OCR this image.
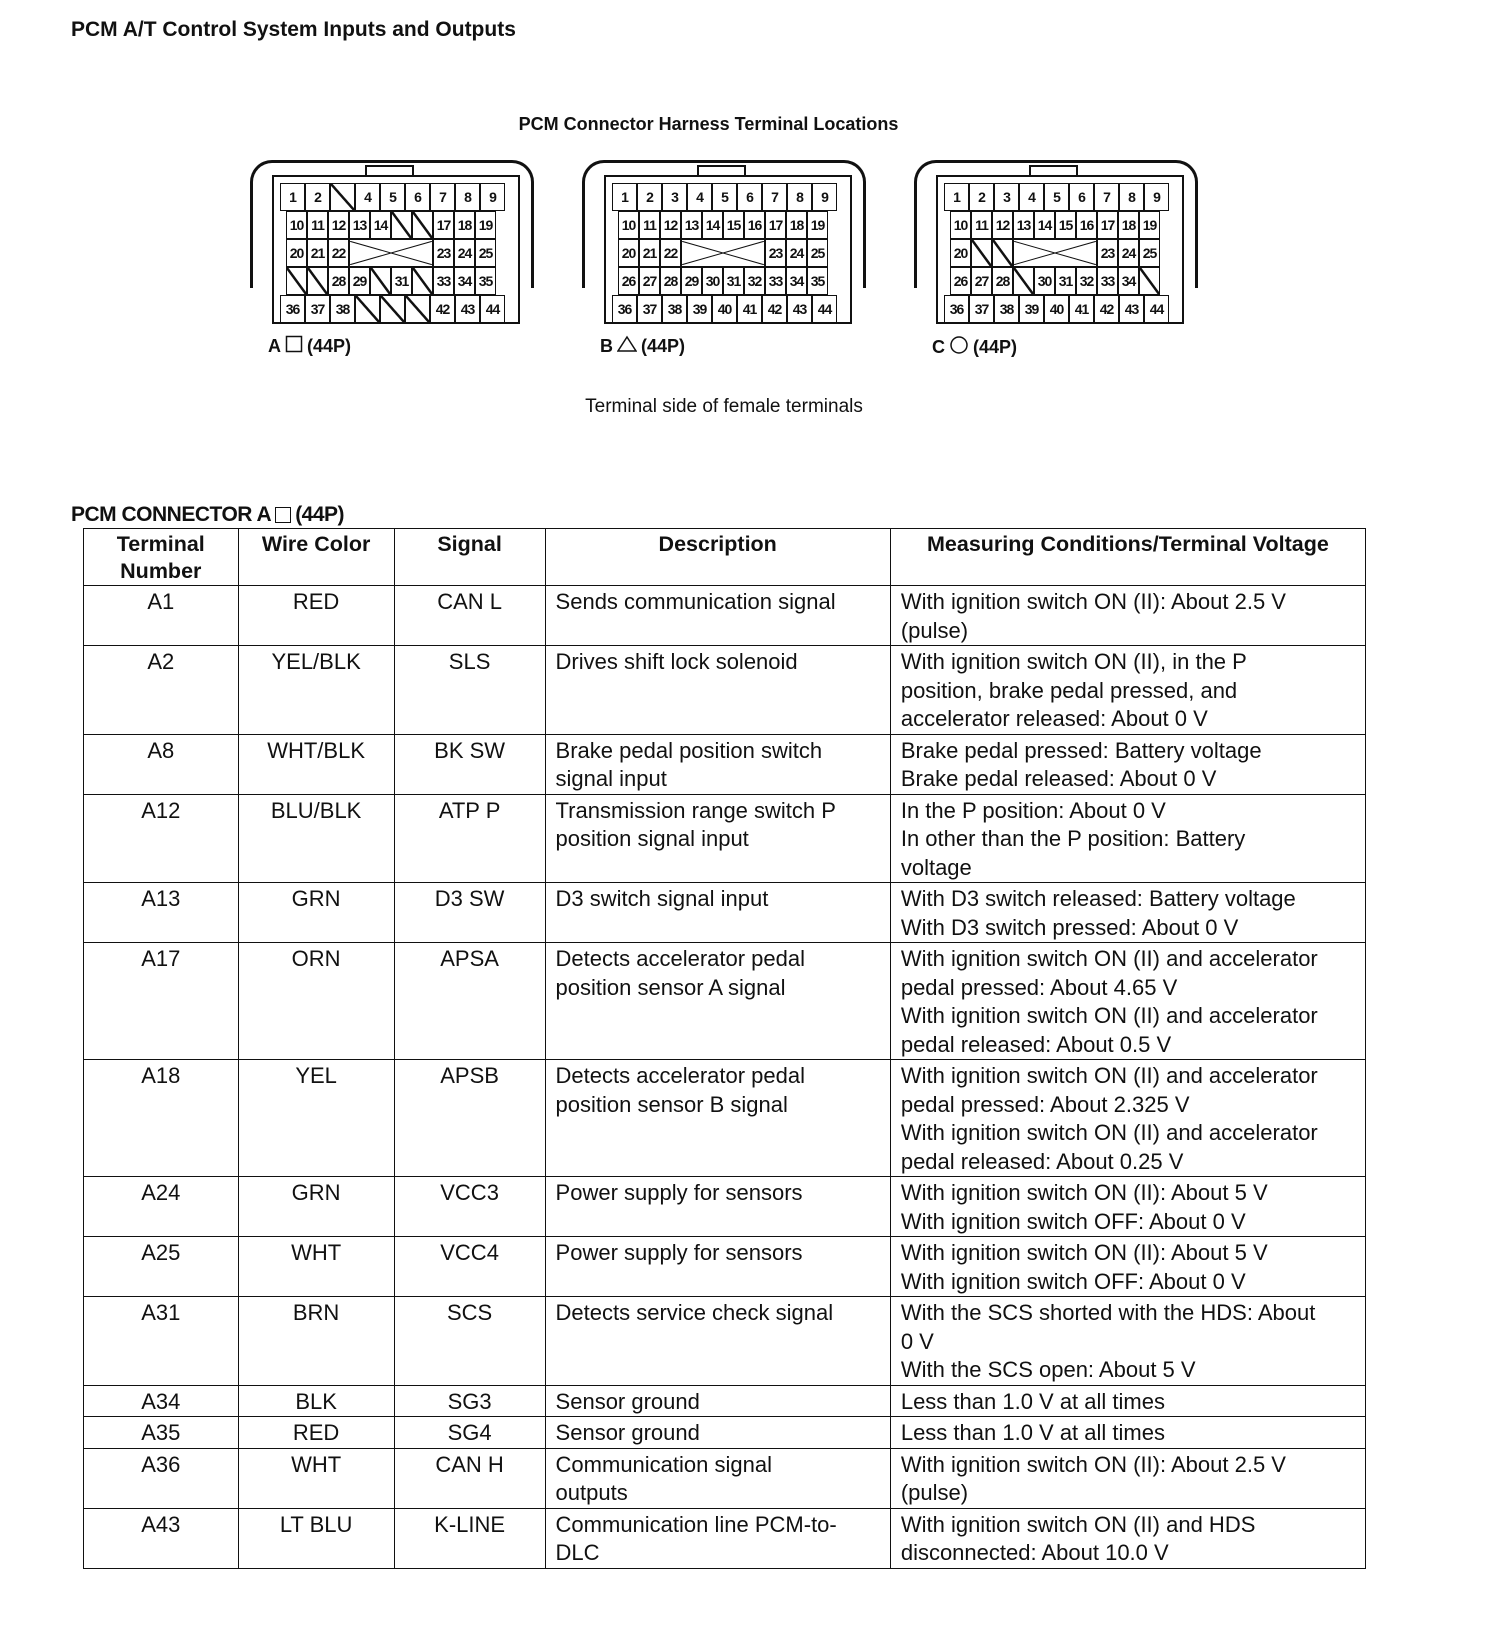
PCM A/T Control System Inputs and Outputs
PCM Connector Harness Terminal Locations
1 2	4 5 6 7 8 9
10 11 12 13 14	17 18 19
20 21 22	23 24 25
28 29 31 33 34 35
36 37 38	42 43 44
A (44P)
1 2 3 4 5 6 7 8 9
10 11 12 13 14 15 16 17 18 19
20 21 22	23 24 25
26 27 28 29 30 31 32 33 34 35
36 37 38 39 40 41 42 43 44
B (44P)
1 2 3 4 5 6 7 8 9
10 11 12 13 14 15 16 17 18 19
20	23 24 25
26 27 28 30 31 32 33 34
36 37 38 39 40 41 42 43 44
C (44P)
Terminal side of female terminals
PCM CONNECTOR A (44P)
Terminal
Number	Wire Color	Signal	Description	Measuring Conditions/Terminal Voltage
A1	RED	CAN L	Sends communication signal	With ignition switch ON (II): About 2.5 V
(pulse)
A2	YEL/BLK	SLS	Drives shift lock solenoid	With ignition switch ON (II), in the P
position, brake pedal pressed, and
accelerator released: About 0 V
A8	WHT/BLK	BK SW	Brake pedal position switch
signal input	Brake pedal pressed: Battery voltage
Brake pedal released: About 0 V
A12	BLU/BLK	ATP P	Transmission range switch P
position signal input	In the P position: About 0 V
In other than the P position: Battery
voltage
A13	GRN	D3 SW	D3 switch signal input	With D3 switch released: Battery voltage
With D3 switch pressed: About 0 V
A17	ORN	APSA	Detects accelerator pedal
position sensor A signal	With ignition switch ON (II) and accelerator
pedal pressed: About 4.65 V
With ignition switch ON (II) and accelerator
pedal released: About 0.5 V
A18	YEL	APSB	Detects accelerator pedal
position sensor B signal	With ignition switch ON (II) and accelerator
pedal pressed: About 2.325 V
With ignition switch ON (II) and accelerator
pedal released: About 0.25 V
A24	GRN	VCC3	Power supply for sensors	With ignition switch ON (II): About 5 V
With ignition switch OFF: About 0 V
A25	WHT	VCC4	Power supply for sensors	With ignition switch ON (II): About 5 V
With ignition switch OFF: About 0 V
A31	BRN	SCS	Detects service check signal	With the SCS shorted with the HDS: About
0 V
With the SCS open: About 5 V
A34	BLK	SG3	Sensor ground	Less than 1.0 V at all times
A35	RED	SG4	Sensor ground	Less than 1.0 V at all times
A36	WHT	CAN H	Communication signal
outputs	With ignition switch ON (II): About 2.5 V
(pulse)
A43	LT BLU	K-LINE	Communication line PCM-to-
DLC	With ignition switch ON (II) and HDS
disconnected: About 10.0 V
